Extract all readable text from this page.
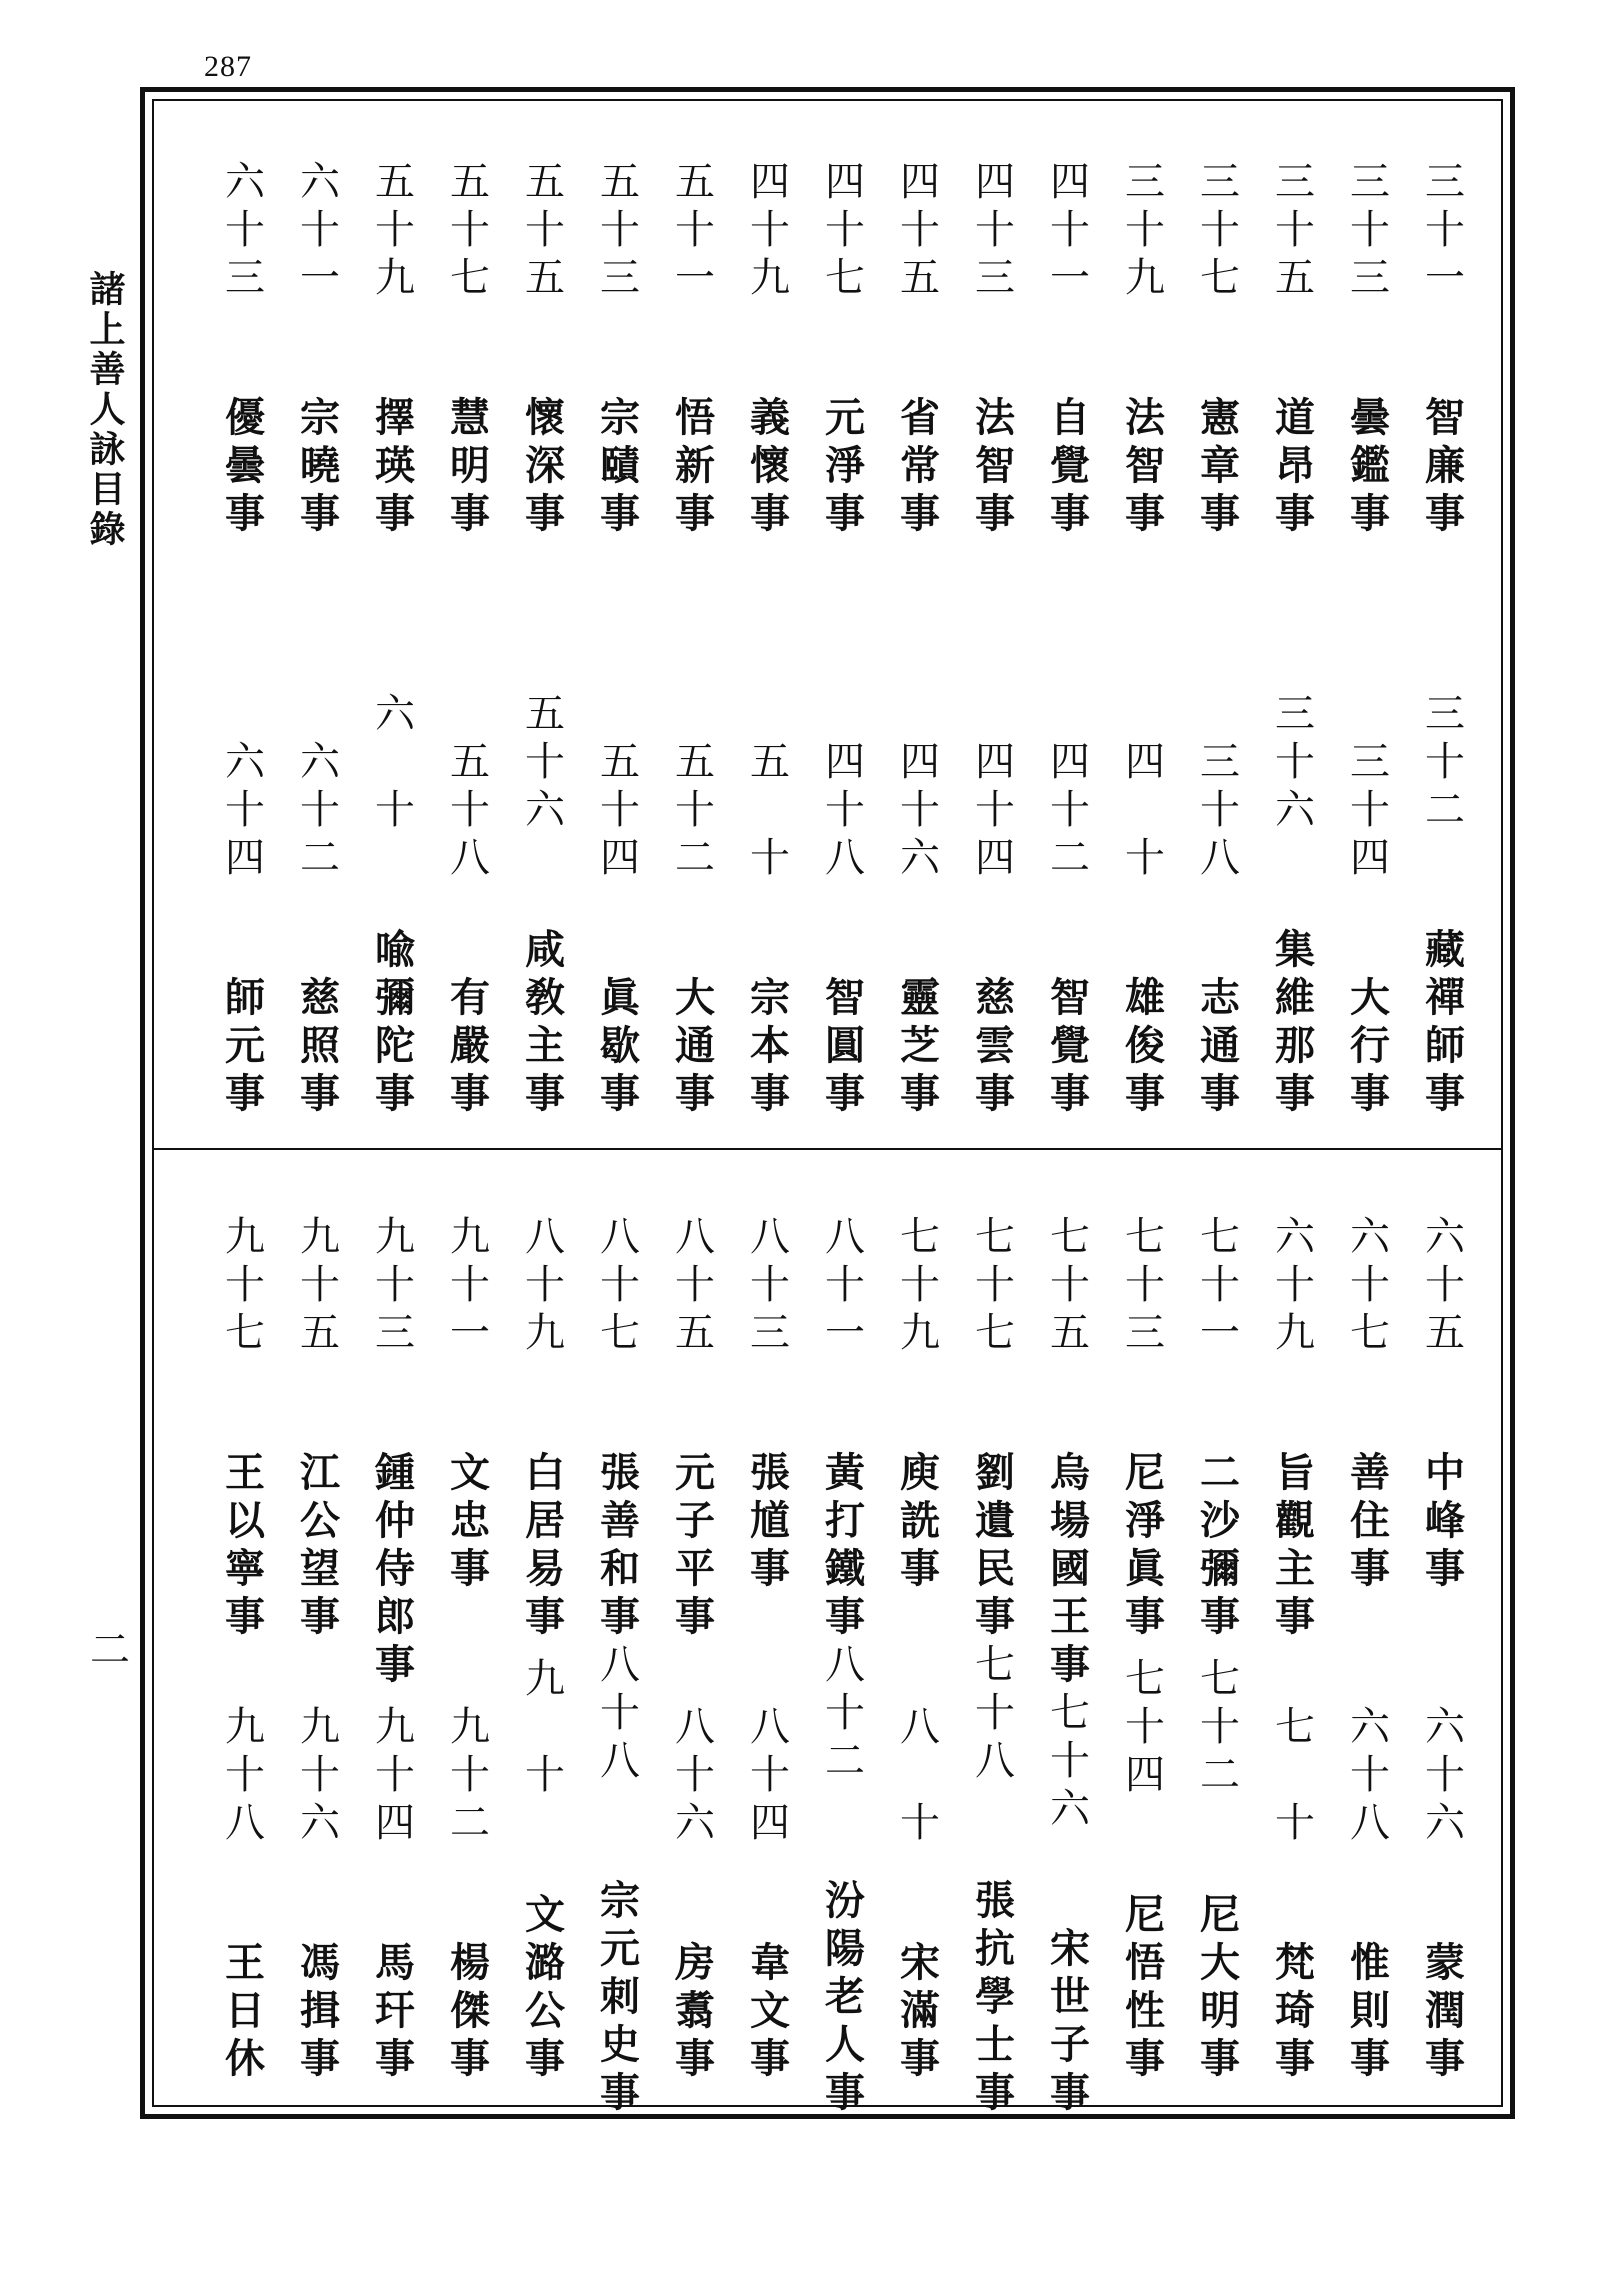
287
諸上善人詠目錄
二
三十一
智廉事
三十二
藏禪師事
三十三
曇鑑事
三十四
大行事
三十五
道昂事
三十六
集維那事
三十七
憲章事
三十八
志通事
三十九
法智事
四　十
雄俊事
四十一
自覺事
四十二
智覺事
四十三
法智事
四十四
慈雲事
四十五
省常事
四十六
靈芝事
四十七
元淨事
四十八
智圓事
四十九
義懷事
五　十
宗本事
五十一
悟新事
五十二
大通事
五十三
宗賾事
五十四
眞歇事
五十五
懷深事
五十六
咸敎主事
五十七
慧明事
五十八
有嚴事
五十九
擇瑛事
六　十
喩彌陀事
六十一
宗曉事
六十二
慈照事
六十三
優曇事
六十四
師元事
六十五
中峰事
六十六
蒙潤事
六十七
善住事
六十八
惟則事
六十九
旨觀主事
七　十
梵琦事
七十一
二沙彌事
七十二
尼大明事
七十三
尼淨眞事
七十四
尼悟性事
七十五
烏場國王事
七十六
宋世子事
七十七
劉遺民事
七十八
張抗學士事
七十九
庾詵事
八　十
宋滿事
八十一
黃打鐵事
八十二
汾陽老人事
八十三
張馗事
八十四
韋文事
八十五
元子平事
八十六
房翥事
八十七
張善和事
八十八
宗元刺史事
八十九
白居易事
九　十
文潞公事
九十一
文忠事
九十二
楊傑事
九十三
鍾仲侍郎事
九十四
馬玕事
九十五
江公望事
九十六
馮揖事
九十七
王以寧事
九十八
王日休
